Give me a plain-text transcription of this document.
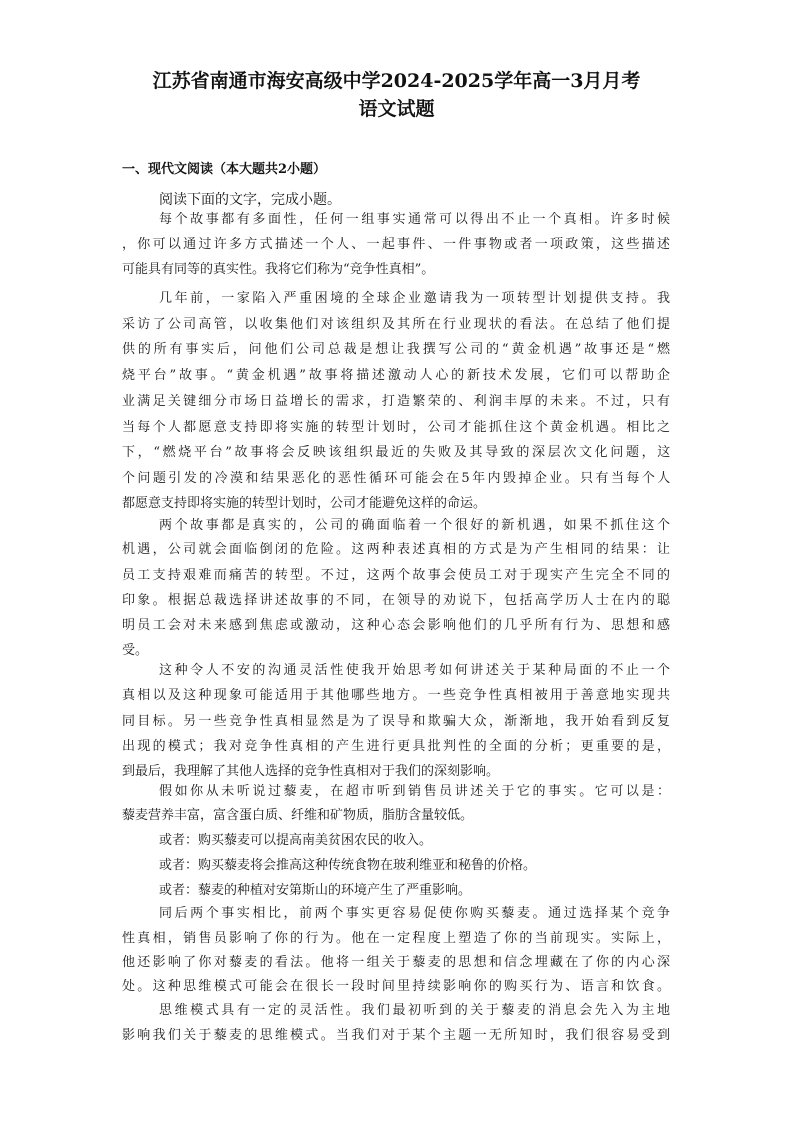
江苏省南通市海安高级中学2024-2025学年高一3月月考
语文试题
一、现代文阅读（本大题共2小题）
阅读下面的文字，完成小题。
每个故事都有多面性，任何一组事实通常可以得出不止一个真相。许多时候
，你可以通过许多方式描述一个人、一起事件、一件事物或者一项政策，这些描述
可能具有同等的真实性。我将它们称为“竞争性真相”。
几年前，一家陷入严重困境的全球企业邀请我为一项转型计划提供支持。我
采访了公司高管，以收集他们对该组织及其所在行业现状的看法。在总结了他们提
供的所有事实后，问他们公司总裁是想让我撰写公司的“黄金机遇”故事还是“燃
烧平台”故事。“黄金机遇”故事将描述激动人心的新技术发展，它们可以帮助企
业满足关键细分市场日益增长的需求，打造繁荣的、利润丰厚的未来。不过，只有
当每个人都愿意支持即将实施的转型计划时，公司才能抓住这个黄金机遇。相比之
下，“燃烧平台”故事将会反映该组织最近的失败及其导致的深层次文化问题，这
个问题引发的冷漠和结果恶化的恶性循环可能会在5年内毁掉企业。只有当每个人
都愿意支持即将实施的转型计划时，公司才能避免这样的命运。
两个故事都是真实的，公司的确面临着一个很好的新机遇，如果不抓住这个
机遇，公司就会面临倒闭的危险。这两种表述真相的方式是为产生相同的结果：让
员工支持艰难而痛苦的转型。不过，这两个故事会使员工对于现实产生完全不同的
印象。根据总裁选择讲述故事的不同，在领导的劝说下，包括高学历人士在内的聪
明员工会对未来感到焦虑或激动，这种心态会影响他们的几乎所有行为、思想和感
受。
这种令人不安的沟通灵活性使我开始思考如何讲述关于某种局面的不止一个
真相以及这种现象可能适用于其他哪些地方。一些竞争性真相被用于善意地实现共
同目标。另一些竞争性真相显然是为了误导和欺骗大众，渐渐地，我开始看到反复
出现的模式；我对竞争性真相的产生进行更具批判性的全面的分析；更重要的是，
到最后，我理解了其他人选择的竞争性真相对于我们的深刻影响。
假如你从未听说过藜麦，在超市听到销售员讲述关于它的事实。它可以是：
藜麦营养丰富，富含蛋白质、纤维和矿物质，脂肪含量较低。
或者：购买藜麦可以提高南美贫困农民的收入。
或者：购买藜麦将会推高这种传统食物在玻利维亚和秘鲁的价格。
或者：藜麦的种植对安第斯山的环境产生了严重影响。
同后两个事实相比，前两个事实更容易促使你购买藜麦。通过选择某个竞争
性真相，销售员影响了你的行为。他在一定程度上塑造了你的当前现实。实际上，
他还影响了你对藜麦的看法。他将一组关于藜麦的思想和信念埋藏在了你的内心深
处。这种思维模式可能会在很长一段时间里持续影响你的购买行为、语言和饮食。
思维模式具有一定的灵活性。我们最初听到的关于藜麦的消息会先入为主地
影响我们关于藜麦的思维模式。当我们对于某个主题一无所知时，我们很容易受到
